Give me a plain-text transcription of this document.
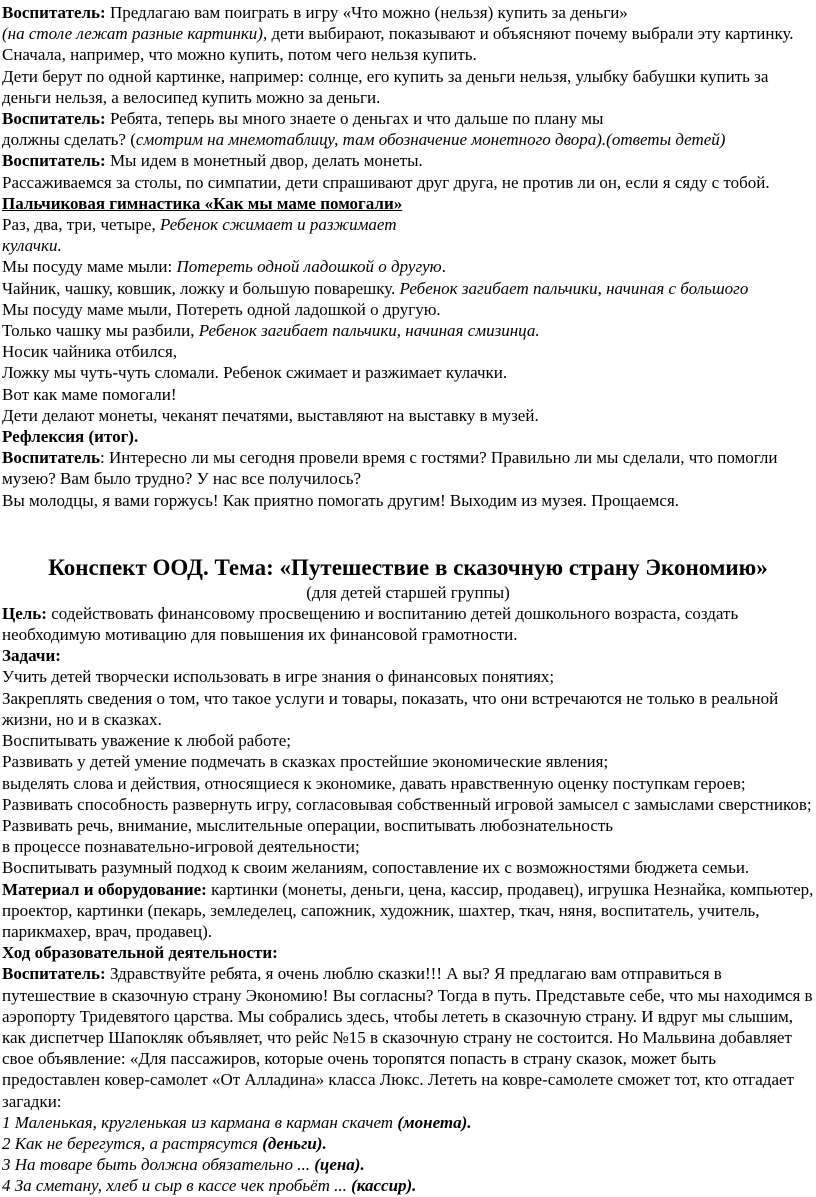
Воспитатель: Предлагаю вам поиграть в игру «Что можно (нельзя) купить за деньги»

(на столе лежат разные картинки), дети выбирают, показывают и объясняют почему выбрали эту картинку. Сначала, например, что можно купить, потом чего нельзя купить.

Дети берут по одной картинке, например: солнце, его купить за деньги нельзя, улыбку бабушки купить за деньги нельзя, а велосипед купить можно за деньги.

Воспитатель: Ребята, теперь вы много знаете о деньгах и что дальше по плану мы

должны сделать? (смотрим на мнемотаблицу, там обозначение монетного двора).(ответы детей)

Воспитатель: Мы идем в монетный двор, делать монеты.

Рассаживаемся за столы, по симпатии, дети спрашивают друг друга, не против ли он, если я сяду с тобой.

Пальчиковая гимнастика «Как мы маме помогали»

Раз, два, три, четыре, Ребенок сжимает и разжимает

кулачки.

Мы посуду маме мыли: Потереть одной ладошкой о другую.

Чайник, чашку, ковшик, ложку и большую поварешку. Ребенок загибает пальчики, начиная с большого

Мы посуду маме мыли, Потереть одной ладошкой о другую.

Только чашку мы разбили, Ребенок загибает пальчики, начиная смизинца.

Носик чайника отбился,

Ложку мы чуть-чуть сломали. Ребенок сжимает и разжимает кулачки.

Вот как маме помогали!

Дети делают монеты, чеканят печатями, выставляют на выставку в музей.

Рефлексия (итог).

Воспитатель: Интересно ли мы сегодня провели время с гостями? Правильно ли мы сделали, что помогли музею? Вам было трудно? У нас все получилось?

Вы молодцы, я вами горжусь! Как приятно помогать другим! Выходим из музея. Прощаемся.

Конспект ООД. Тема: «Путешествие в сказочную страну Экономию»

(для детей старшей группы)

Цель: содействовать финансовому просвещению и воспитанию детей дошкольного возраста, создать необходимую мотивацию для повышения их финансовой грамотности.

Задачи:

Учить детей творчески использовать в игре знания о финансовых понятиях;

Закреплять сведения о том, что такое услуги и товары, показать, что они встречаются не только в реальной жизни, но и в сказках.

Воспитывать уважение к любой работе;

Развивать у детей умение подмечать в сказках простейшие экономические явления;

выделять слова и действия, относящиеся к экономике, давать нравственную оценку поступкам героев;

Развивать способность развернуть игру, согласовывая собственный игровой замысел с замыслами сверстников;

Развивать речь, внимание, мыслительные операции, воспитывать любознательность

в процессе познавательно-игровой деятельности;

Воспитывать разумный подход к своим желаниям, сопоставление их с возможностями бюджета семьи.

Материал и оборудование: картинки (монеты, деньги, цена, кассир, продавец), игрушка Незнайка, компьютер, проектор, картинки (пекарь, земледелец, сапожник, художник, шахтер, ткач, няня, воспитатель, учитель, парикмахер, врач, продавец).

Ход образовательной деятельности:

Воспитатель: Здравствуйте ребята, я очень люблю сказки!!! А вы? Я предлагаю вам отправиться в путешествие в сказочную страну Экономию! Вы согласны? Тогда в путь. Представьте себе, что мы находимся в аэропорту Тридевятого царства. Мы собрались здесь, чтобы лететь в сказочную страну. И вдруг мы слышим, как диспетчер Шапокляк объявляет, что рейс №15 в сказочную страну не состоится. Но Мальвина добавляет свое объявление: «Для пассажиров, которые очень торопятся попасть в страну сказок, может быть предоставлен ковер-самолет «От Алладина» класса Люкс. Лететь на ковре-самолете сможет тот, кто отгадает загадки:

1 Маленькая, кругленькая из кармана в карман скачет (монета).

2 Как не берегутся, а растрясутся (деньги).

3 На товаре быть должна обязательно ... (цена).

4 За сметану, хлеб и сыр в кассе чек пробьёт ... (кассир).
